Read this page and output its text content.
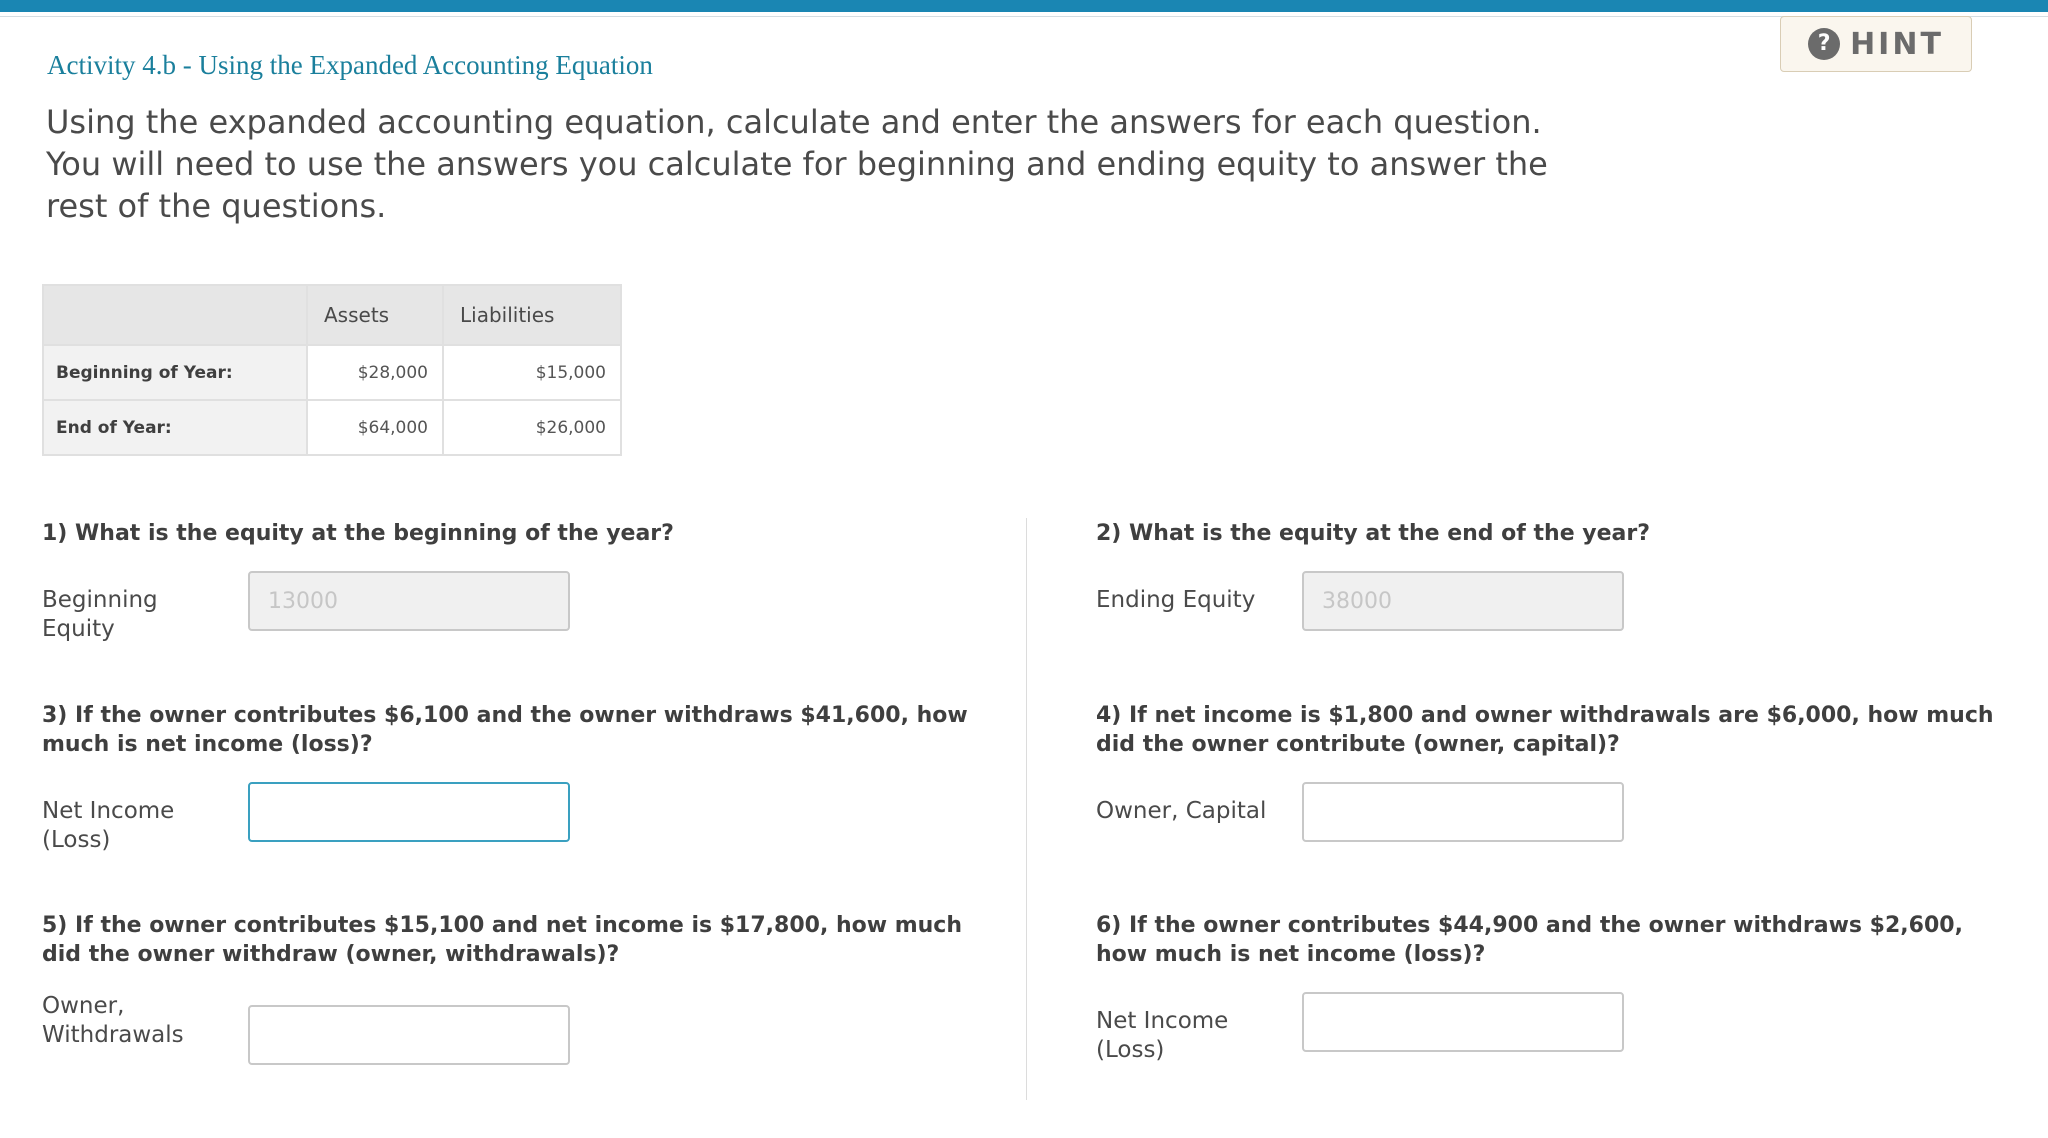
? HINT
Activity 4.b - Using the Expanded Accounting Equation
Using the expanded accounting equation, calculate and enter the answers for each question. You will need to use the answers you calculate for beginning and ending equity to answer the rest of the questions.
	Assets	Liabilities
Beginning of Year:	$28,000	$15,000
End of Year:	$64,000	$26,000
1) What is the equity at the beginning of the year?
Beginning Equity
13000
2) What is the equity at the end of the year?
Ending Equity
38000
3) If the owner contributes $6,100 and the owner withdraws $41,600, how much is net income (loss)?
Net Income (Loss)
4) If net income is $1,800 and owner withdrawals are $6,000, how much did the owner contribute (owner, capital)?
Owner, Capital
5) If the owner contributes $15,100 and net income is $17,800, how much did the owner withdraw (owner, withdrawals)?
Owner, Withdrawals
6) If the owner contributes $44,900 and the owner withdraws $2,600, how much is net income (loss)?
Net Income (Loss)
